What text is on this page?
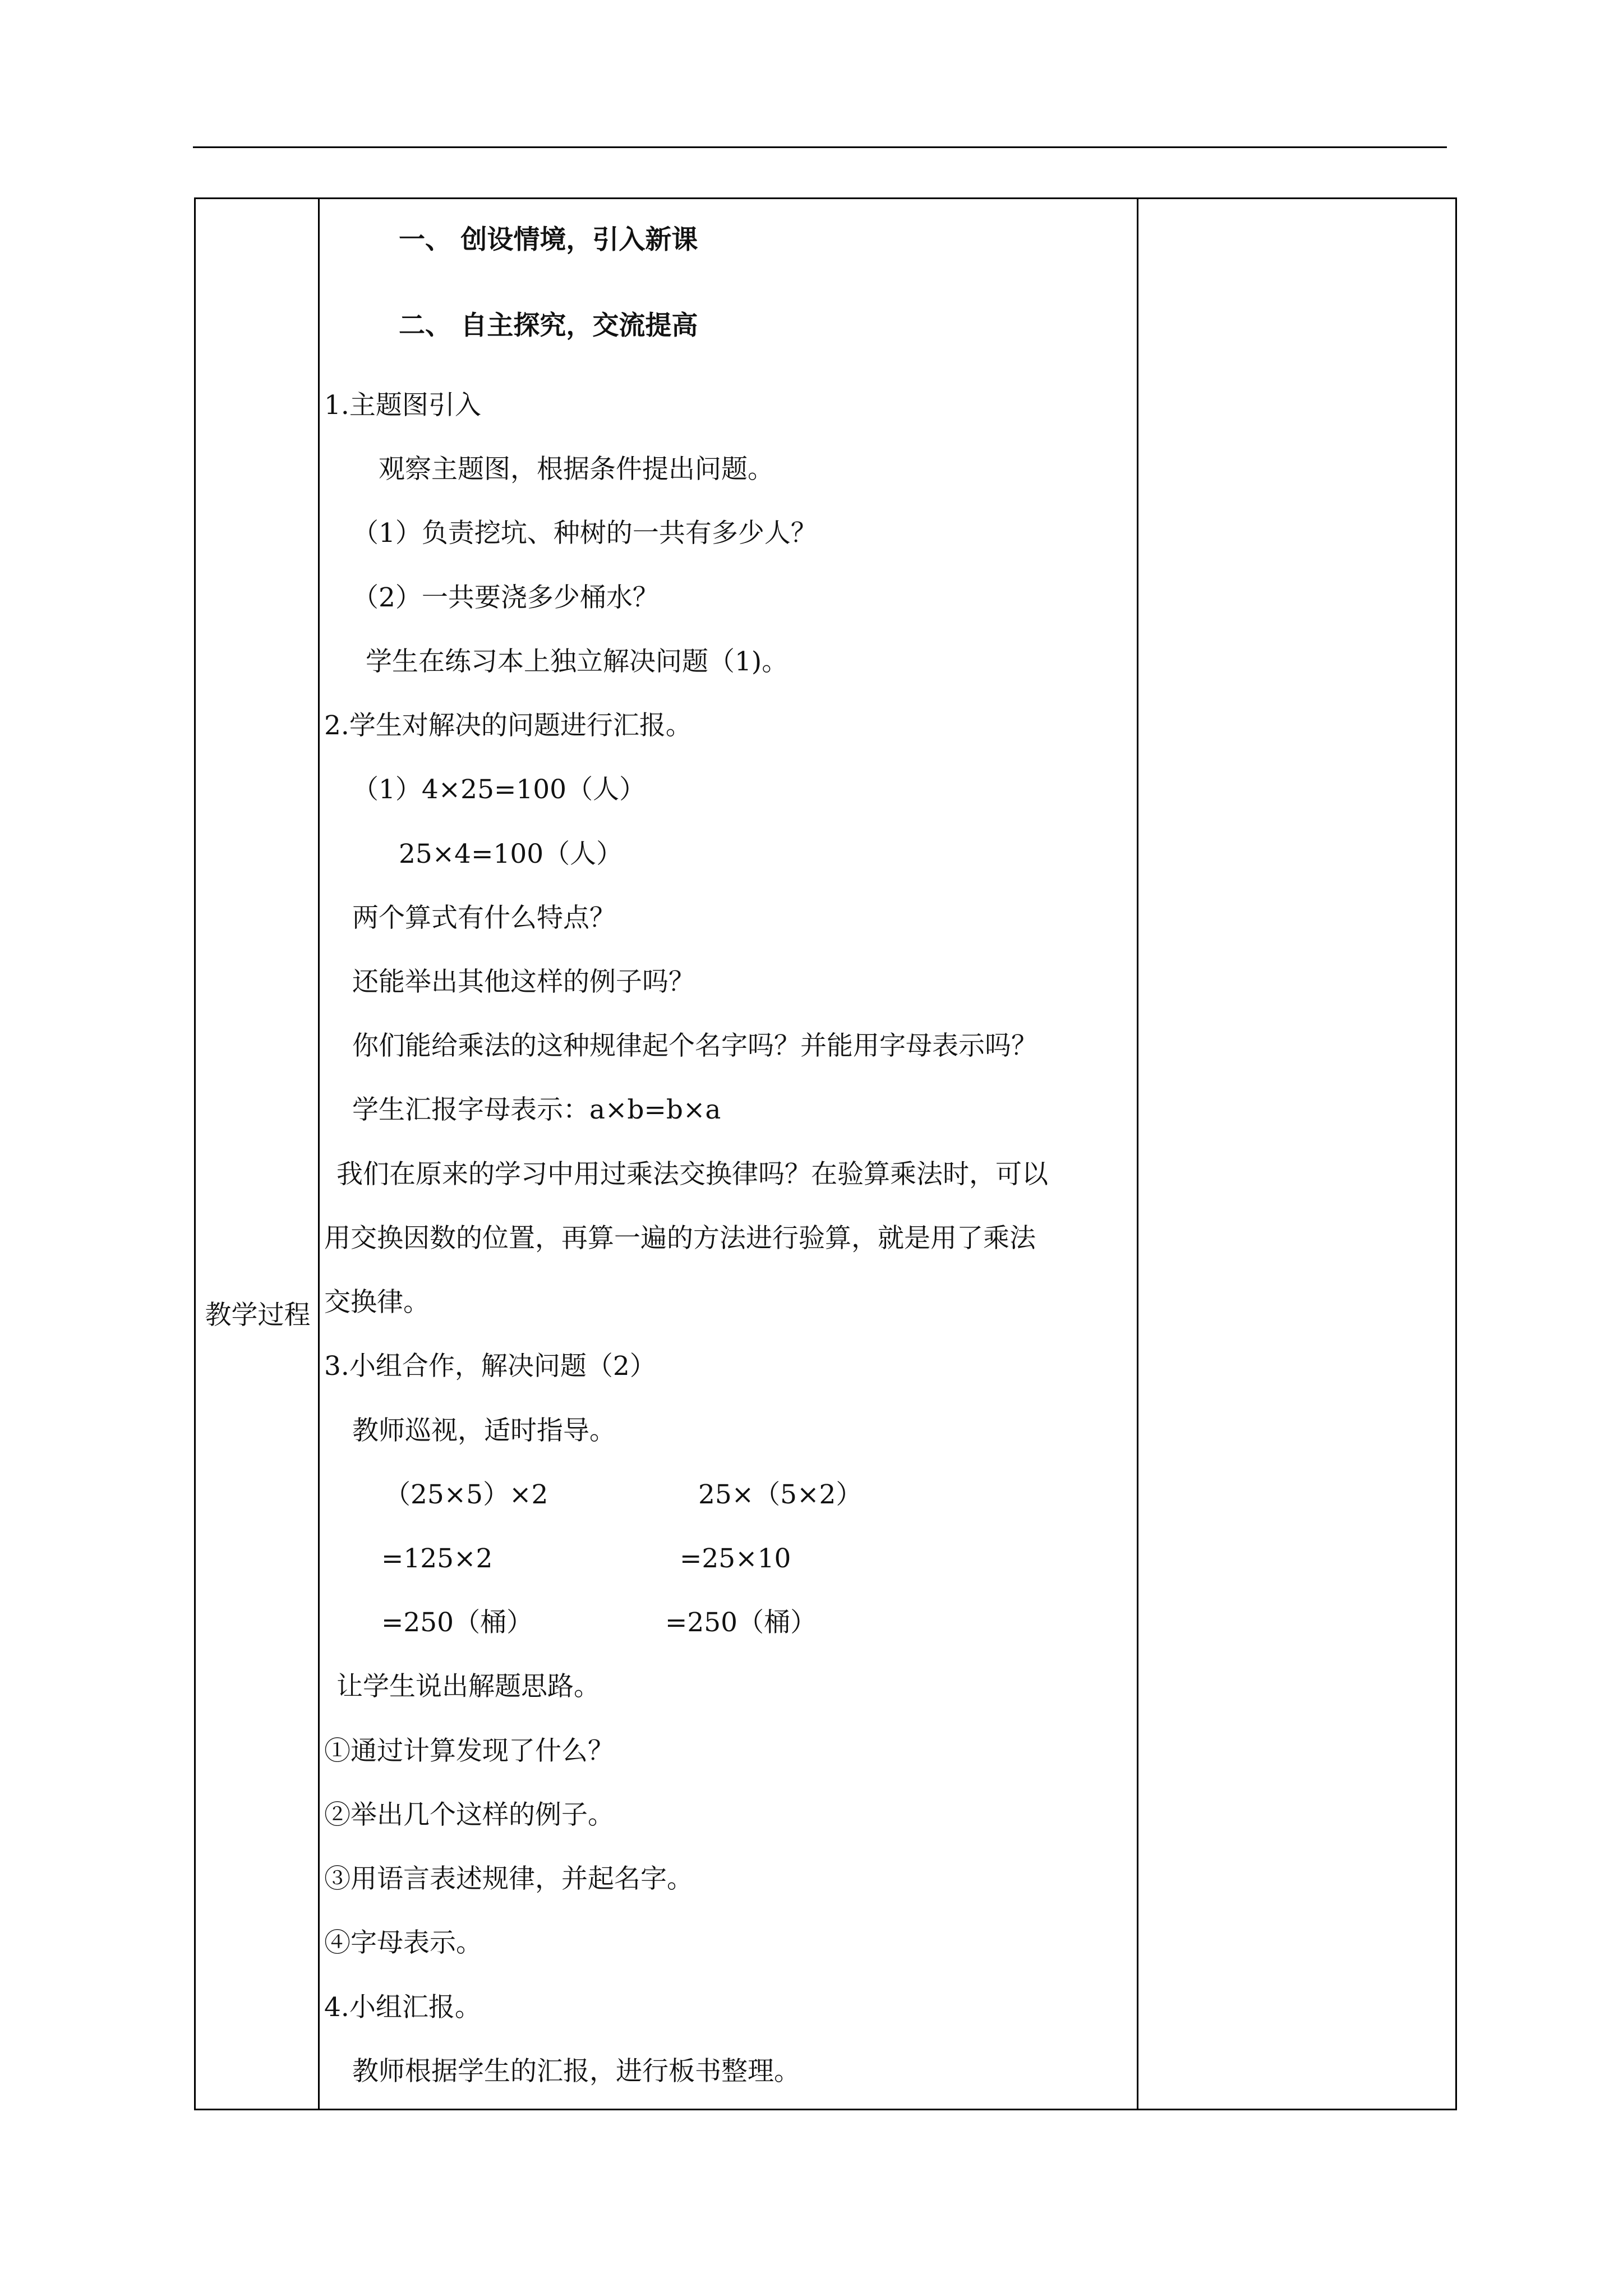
教学过程
一、 创设情境，引入新课
二、 自主探究，交流提高
1.主题图引入
观察主题图，根据条件提出问题。
（1）负责挖坑、种树的一共有多少人？
（2）一共要浇多少桶水？
学生在练习本上独立解决问题（1)。
2.学生对解决的问题进行汇报。
（1）4×25=100（人）
25×4=100（人）
两个算式有什么特点？
还能举出其他这样的例子吗？
你们能给乘法的这种规律起个名字吗？并能用字母表示吗？
学生汇报字母表示：a×b=b×a
我们在原来的学习中用过乘法交换律吗？在验算乘法时，可以
用交换因数的位置，再算一遍的方法进行验算，就是用了乘法
交换律。
3.小组合作，解决问题（2）
教师巡视，适时指导。
（25×5）×2	25×（5×2）
=125×2	=25×10
=250（桶）	=250（桶）
让学生说出解题思路。
①通过计算发现了什么？
②举出几个这样的例子。
③用语言表述规律，并起名字。
④字母表示。
4.小组汇报。
教师根据学生的汇报，进行板书整理。
